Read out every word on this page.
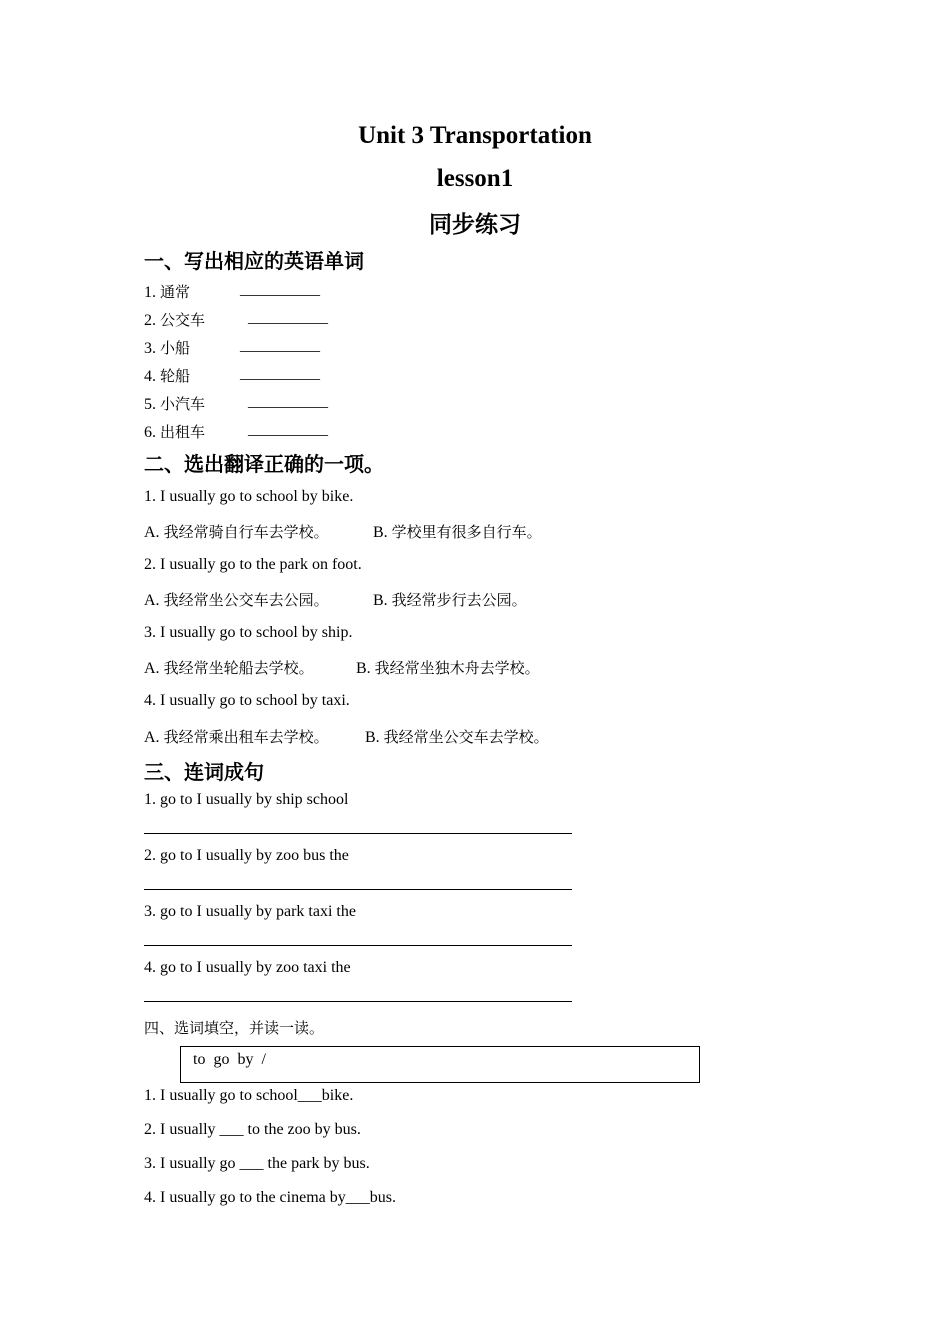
Unit 3 Transportation
lesson1
同步练习
一、写出相应的英语单词
1. 通常	__________
2. 公交车	__________
3. 小船	__________
4. 轮船	__________
5. 小汽车	__________
6. 出租车	__________
二、选出翻译正确的一项。
1. I usually go to school by bike.
A. 我经常骑自行车去学校。	B. 学校里有很多自行车。
2. I usually go to the park on foot.
A. 我经常坐公交车去公园。	B. 我经常步行去公园。
3. I usually go to school by ship.
A. 我经常坐轮船去学校。	B. 我经常坐独木舟去学校。
4. I usually go to school by taxi.
A. 我经常乘出租车去学校。 B. 我经常坐公交车去学校。
三、连词成句
1. go to I usually by ship school
2. go to I usually by zoo bus the
3. go to I usually by park taxi the
4. go to I usually by zoo taxi the
四、选词填空，并读一读。
to  go  by  /
1. I usually go to school___bike.
2. I usually ___ to the zoo by bus.
3. I usually go ___ the park by bus.
4. I usually go to the cinema by___bus.
